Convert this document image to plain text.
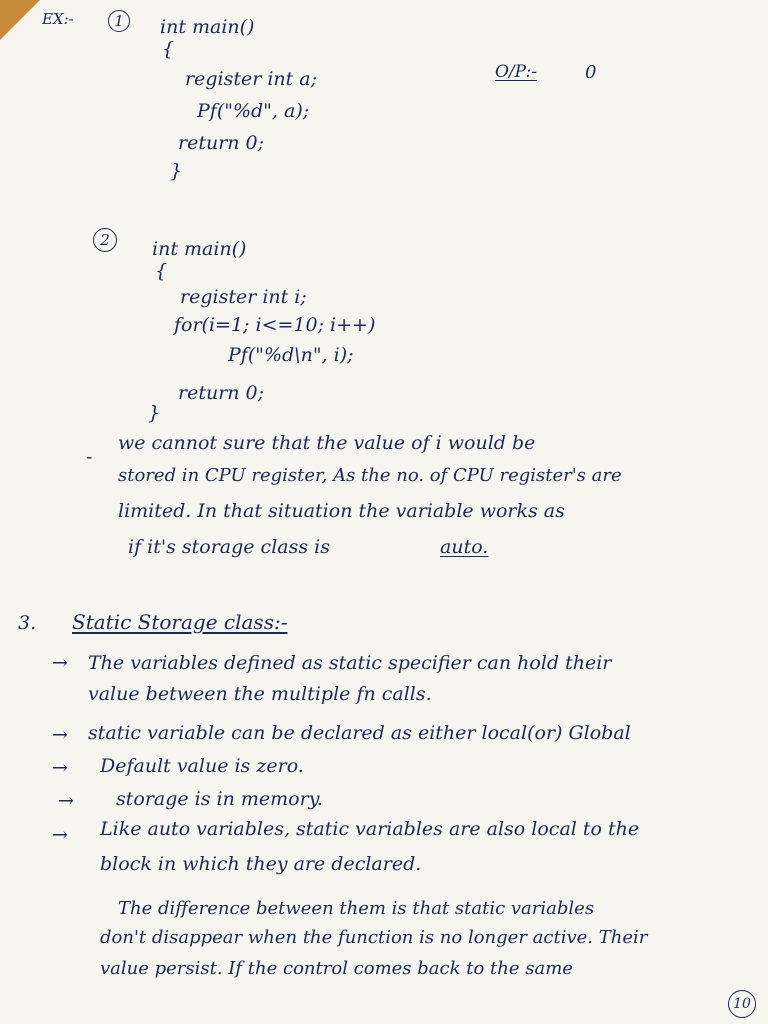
EX:-	1 int main()
{
register int a;
Pf("%d", a);
return 0;
}
O/P:-	0
2 int main()
{
register int i;
for(i=1; i<=10; i++)
Pf("%d\n", i);
return 0;
}
-
we cannot sure that the value of i would be
stored in CPU register, As the no. of CPU register's are
limited. In that situation the variable works as
if it's storage class is	auto.
3. Static Storage class:-
→ The variables defined as static specifier can hold their
value between the multiple fn calls.
→ static variable can be declared as either local(or) Global
→ Default value is zero.
→ storage is in memory.
→ Like auto variables, static variables are also local to the
block in which they are declared.
The difference between them is that static variables
don't disappear when the function is no longer active. Their
value persist. If the control comes back to the same
10
